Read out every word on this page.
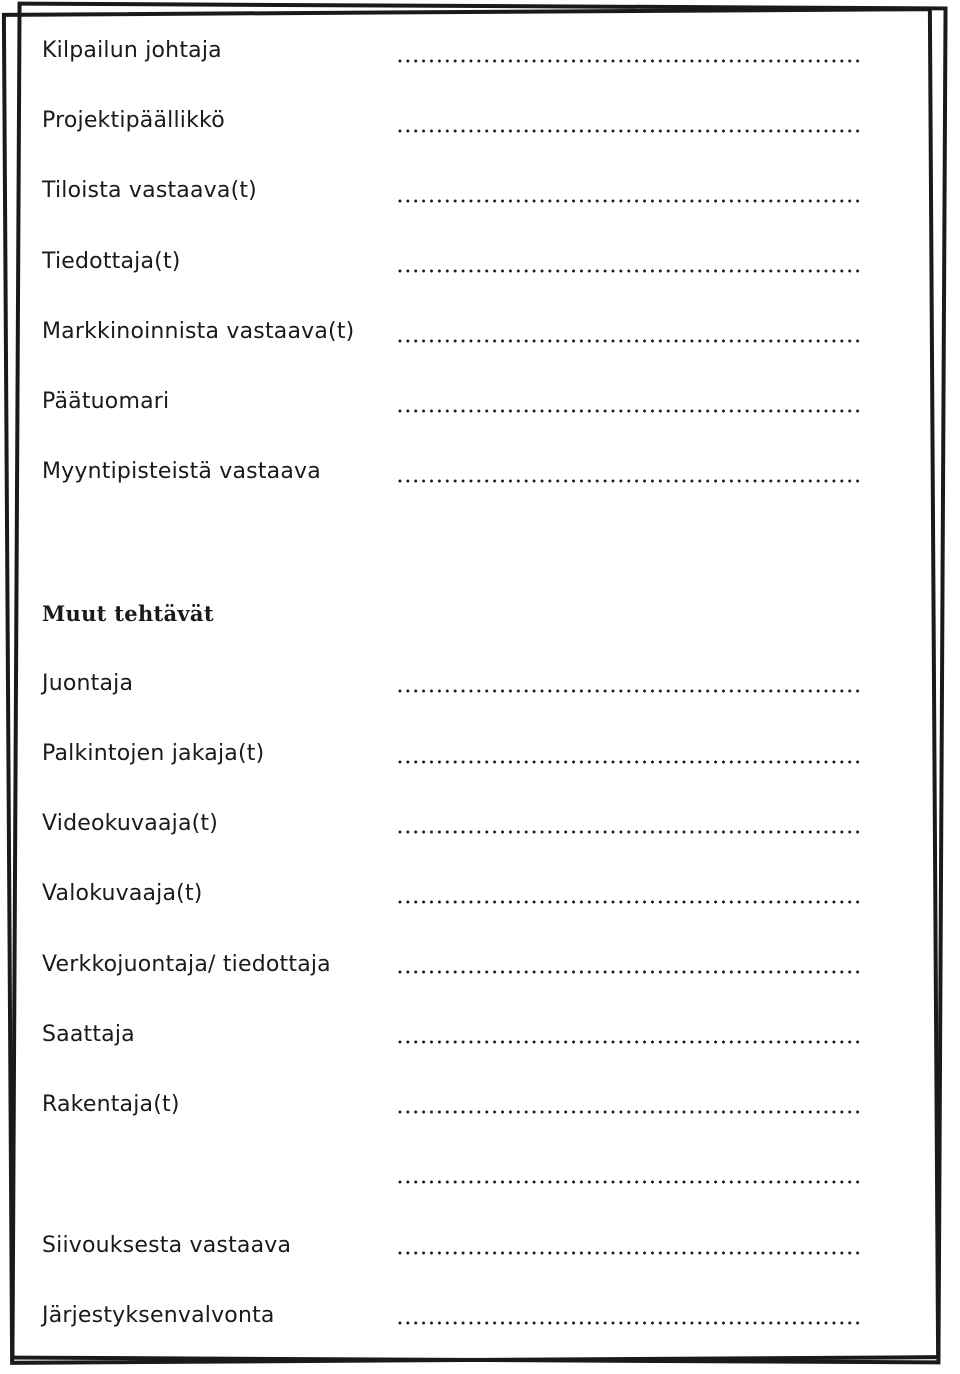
Kilpailun johtaja
Projektipäällikkö
Tiloista vastaava(t)
Tiedottaja(t)
Markkinoinnista vastaava(t)
Päätuomari
Myyntipisteistä vastaava
Muut tehtävät
Juontaja
Palkintojen jakaja(t)
Videokuvaaja(t)
Valokuvaaja(t)
Verkkojuontaja/ tiedottaja
Saattaja
Rakentaja(t)
Siivouksesta vastaava
Järjestyksenvalvonta
